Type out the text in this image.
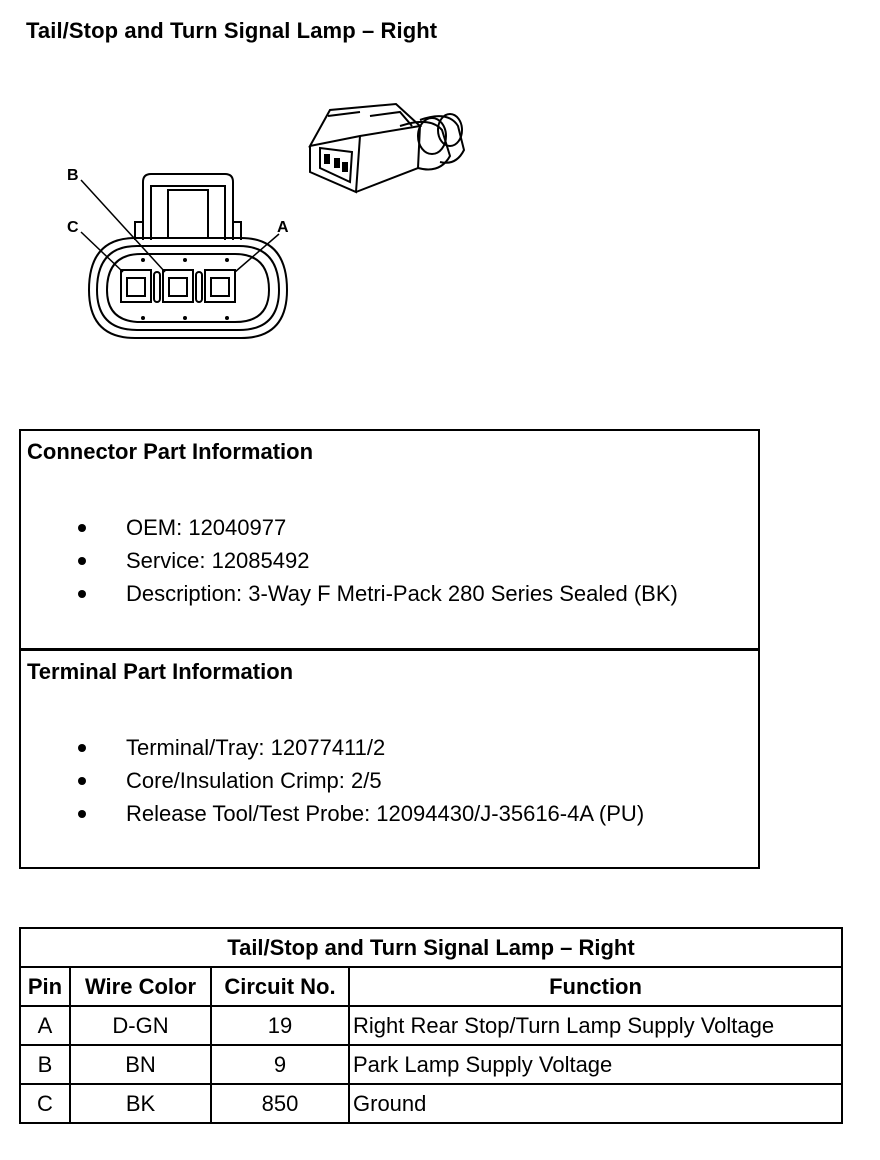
Tail/Stop and Turn Signal Lamp – Right
B
C	A
Connector Part Information
OEM: 12040977
Service: 12085492
Description: 3-Way F Metri-Pack 280 Series Sealed (BK)
Terminal Part Information
Terminal/Tray: 12077411/2
Core/Insulation Crimp: 2/5
Release Tool/Test Probe: 12094430/J-35616-4A (PU)
Tail/Stop and Turn Signal Lamp – Right			
Pin	Wire Color	Circuit No.	Function
A	D-GN	19	Right Rear Stop/Turn Lamp Supply Voltage
B	BN	9	Park Lamp Supply Voltage
C	BK	850	Ground
